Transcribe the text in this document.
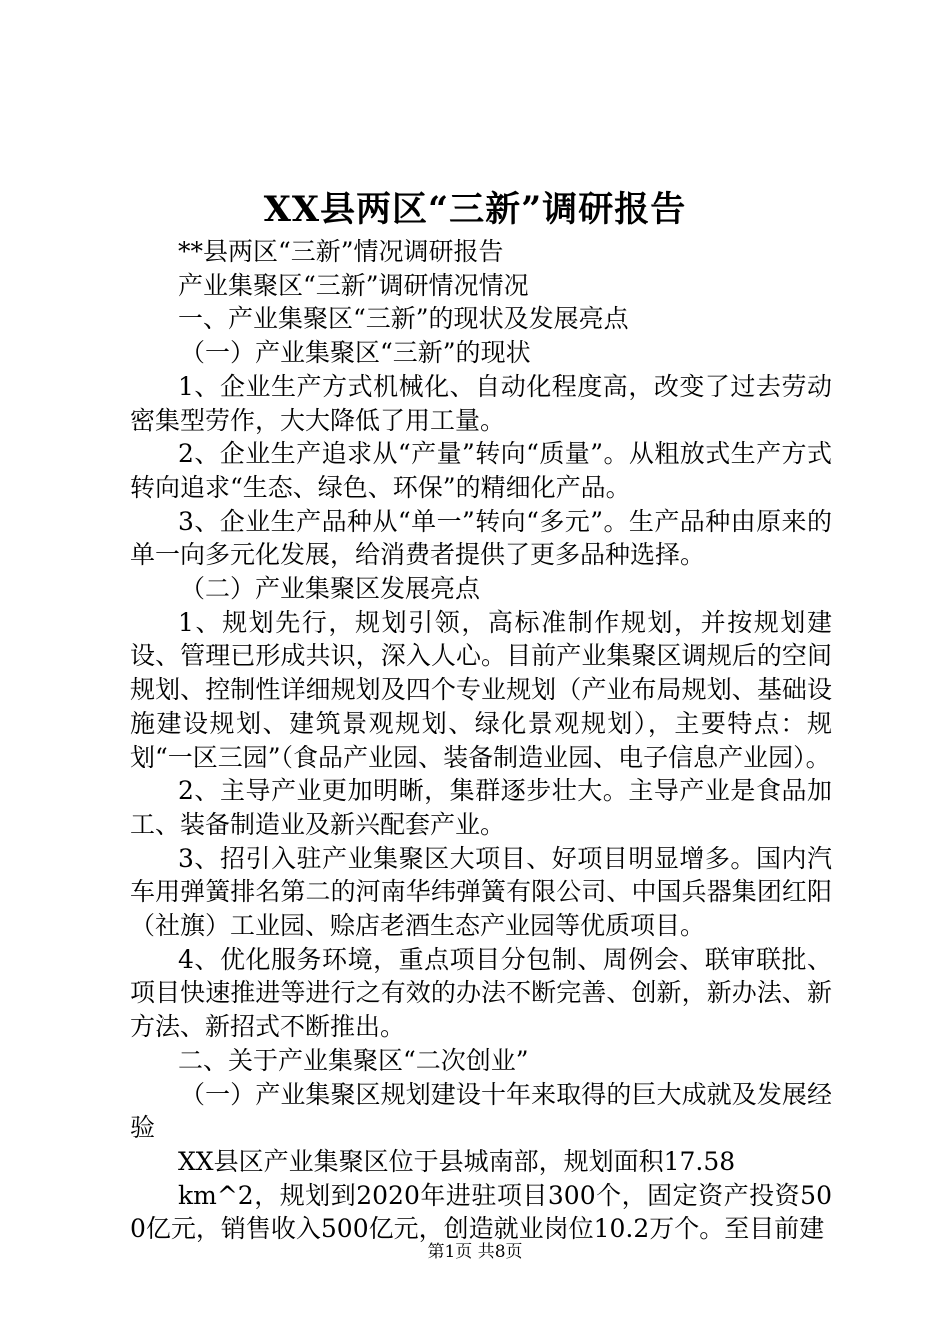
XX县两区“三新”调研报告

**县两区“三新”情况调研报告

产业集聚区“三新”调研情况情况

一、产业集聚区“三新”的现状及发展亮点

（一）产业集聚区“三新”的现状

1、企业生产方式机械化、自动化程度高，改变了过去劳动密集型劳作，大大降低了用工量。

2、企业生产追求从“产量”转向“质量”。从粗放式生产方式转向追求“生态、绿色、环保”的精细化产品。

3、企业生产品种从“单一”转向“多元”。生产品种由原来的单一向多元化发展，给消费者提供了更多品种选择。

（二）产业集聚区发展亮点

1、规划先行，规划引领，高标准制作规划，并按规划建设、管理已形成共识，深入人心。目前产业集聚区调规后的空间规划、控制性详细规划及四个专业规划（产业布局规划、基础设施建设规划、建筑景观规划、绿化景观规划），主要特点：规划“一区三园”（食品产业园、装备制造业园、电子信息产业园）。

2、主导产业更加明晰，集群逐步壮大。主导产业是食品加工、装备制造业及新兴配套产业。

3、招引入驻产业集聚区大项目、好项目明显增多。国内汽车用弹簧排名第二的河南华纬弹簧有限公司、中国兵器集团红阳（社旗）工业园、赊店老酒生态产业园等优质项目。

4、优化服务环境，重点项目分包制、周例会、联审联批、项目快速推进等进行之有效的办法不断完善、创新，新办法、新方法、新招式不断推出。

二、关于产业集聚区“二次创业”

（一）产业集聚区规划建设十年来取得的巨大成就及发展经验

XX县区产业集聚区位于县城南部，规划面积17.58

km^2，规划到2020年进驻项目300个，固定资产投资500亿元，销售收入500亿元，创造就业岗位10.2万个。至目前建

第1页 共8页
